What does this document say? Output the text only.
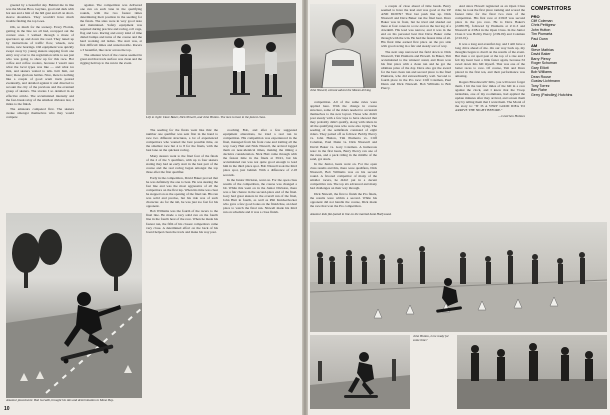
greeted by a beautiful day. Behind me in line was the Moran Bros. Gaylure, good and dark with hot sun and a hint of the hill gust and all on short-sleeve shoulders. They wouldn't have much trouble finding the top Goes.

OK, so much for the scenery. Every Florida, getting in the line we all had, recapped out the contest area. I walked through a maze of spectators up and down the road. They tuned up by instructions of traffic flow, wheels, new trucks, new bearings. Old equipment was quickly swept away by young skaters stepping from one entry way over to the registration table to see just who was going to show up for this race. Hot coffee and coffee coolers, because I wasn't sure what the local types was like — and what ice mix, and skaters waited to talk. Isn't him, out here; those glorious bettles. Nice, there is nothing like a couple of good scam truck poured eventually, and detailed against it and directed to recount the city of the previous and the eventual group of skaters. The stories I so detailed in an effective article. The accumulated intensity and the fast-break relay of the smallest division last, 4 miles to the finish.

The amateurs competed first. The skaters awake amongst themselves who they would compete

against. The competition was delivered one run on each lane in the qualifying rounds, with the two fastest times determining their position in the seeding for the finals. The sites were in very good taste and maintained. Safety equipment was required during practice and racing, roll cage, flag and lace. Racing and every kind of time dialed bumps and turns of the course and the hard working old ladies. The start was, at first difficult times and unnoticeable. Racers a 3 beautiful, like racer across the top.

The amateur level of the course seemed in great and that track surface was clean and the rigging held up to the run in the event.

Left to right: Dave Baker, Dick Niswell, and John Hutton. The men to beat in the fastest class.

The seeding for the finals went like this: the number one qualifier was sent first in the hand to race two different structures, a lot of experienced competitors who wanted the best possible time, on the smallest race but 4 to 8 for the finals, with the best lane on the quickest racing.

Many skaters went to the final four of the finals of the 2 of the 5 qualifiers, with up to four skaters stating they had an early start in the best part of the course and the real racing began amongst the top three after the first qualifier.

Early in the competition, David Baker proved that he was definitely the one to beat. He was skating the fast line and was the most aggressive of all the competitors on the first lap. When his time was clear he stepped on as the opening of the final run. His run was solid and precise, but his ride was of such character. As for the tail, he was just too fast for his opponent.

Bob Williams was the fourth of the racers to the final line. He made a very solid run on the fourth line in the fourth heat of the race. When he made his fastest run, the fifth of his closest competitors came very close. A determined effort on the back of his board helped clean the track and make his way past.

coaching Bob, and after a few suggested equipment alterations, he tried a real run in competition. His competition was experienced in the final, managed from his front cone and trailing all the way. Gary Hutt and Nick Niswell, the arrived logged them on near-identical times, making the timing a decisive consideration. Nick Hutt came through with the fastest time in the finals at 39.91, but his accumulated run was not quite good enough to lead him in the third place spot. Bob Niswell took the third place spot, just behind. With a difference of 2.18 seconds.

In the Junior Division, went on. For the open class results of the competition, the course was changed a bit. While this went on in the Junior Division, there was a fair chance in the second-place end of the final. Gary had great skaters in the overall run of the final, John Hutt in fourth, as well as Phil Knickerbocker who gave a few good looks on the finish line, an ideal place to watch the final run. Niswell made his third run on schedule and it was a close finish.

Amateur placements: Bob Geraldi, brought his skis and determination to Mono Bay.
10
John Niswell, entrant advent the Moran driving

competition. All of the same rules were applied here. With the change in course structure, some of the riders needed to accustom themselves to the new layout. Those who didn't post steady with a few laps to have showed that they probably didn't qualify, along with riders in all the qualifying runs who were also trying. The seeding of the semifinals consisted of eight riders. They paired off as follows: Bobby Piercy vs. John Hutton, Tim Piumarta vs. Cliff Coleman, Paul Dunn vs. Dick Nisswell and David Baker vs. Gary Coleman. A humorous note: in the first heats, Barry Piercy ran one of the runs, and a pack riding in the middle of the sand, got stuck.

In the Junior, heats went on. For the open class results and this, there were qualifiers, Dick Nisswell, Bob Williams was on his second round. A favored competitor of many of the smaller racers, he didn't put in a decent competitive run. The top six advanced and many had challenges on their way through.

Dick Niswell, the first to finish the Pro finals, the results were within a second. While his opponent did not handle the course, Dick made the race that won the Pro competition.

a couple of close ahead of time heads. Barry seemed to have the lead and was good at the UP AND DOWN? That last push line up. Dick Nisswell and Dave Baker ran the final heat. Dave Baker was in front, but he tried and shaded out there at four cones in a row and on the last leg of a downhill. His lead was narrow, and it was in the end on his personal best that Dave Baker came through with the win. He had the fastest time of all. His final time earned first place on the pro side with good racing in a fair and steady sort of way.

The next step narrowed the field down to Dick Nisswell, Tim Piumarta and Howell. In Baker, Tim accumulated to the winners' stand, and Dave won his first place with a clean run and he got the ultimate prize of the day. Dave also got the award for the best clean run and second place to the final Piumarta, who did extraordinarily well. Second to fourth place in the Pro race: Cliff Coleman, Paul Dunn and Dick Nisswell. Bob Williams is Bob Piercy.

And since Howell registered as an Open Class rider, he took the first place ranking and scored the fastest time for the final two runs of the competition. His first race at 2:09.8 was second place in the pro race. He is Dave Baker's (2.086.78), followed by Piumarta at 2:11.3 and Nisswell at 2:08.4 in the Open Class. In the Junior Class it was Bobby Piercy (2:09.09) and Coleman (2:10.01).

It was a long and eventful day, and I still have a long drive ahead of me. On our way back up, my thoughts began to dwell on the results of the event. But then a car sped past at the top of a rise and I felt my heart beat a little faster again, because I'd raced down this hill myself. That was one of the better races to race. Of course, Tim and Dave placed in the first ten, and their performance was amazing.

Rogers Bloodsworth' hills, you will never forget them. I hit the last few miles of the hill in a race against the clock, and I knew that the Troop turntables, one of my roommates, had applied the update minutes after they arrived, and screen them way by telling them that I want them. The Moral of the story is: "IT IS A VERY GOOD IDEA TO ARRIVE THE NIGHT BEFORE."

—Gretchen Holmes

COMPETITORS
PRO
Cliff Coleman
Chris Pettigrew
John Hutton
Tim Piumarta
Paul Dunn
AM
Steve Mathias
David Baker
Barry Piercy
Roger Schuman
Gary Elliott
Bob Williams
Dean Rouse
Gustav Lichtmann
Tony Torrez
Ben Rahe
Gerry (Patrolley) Hutchins
Amateur kids flat-footed in line on the marked bank Hollywood.
John Hutton, is he ready for some time?
